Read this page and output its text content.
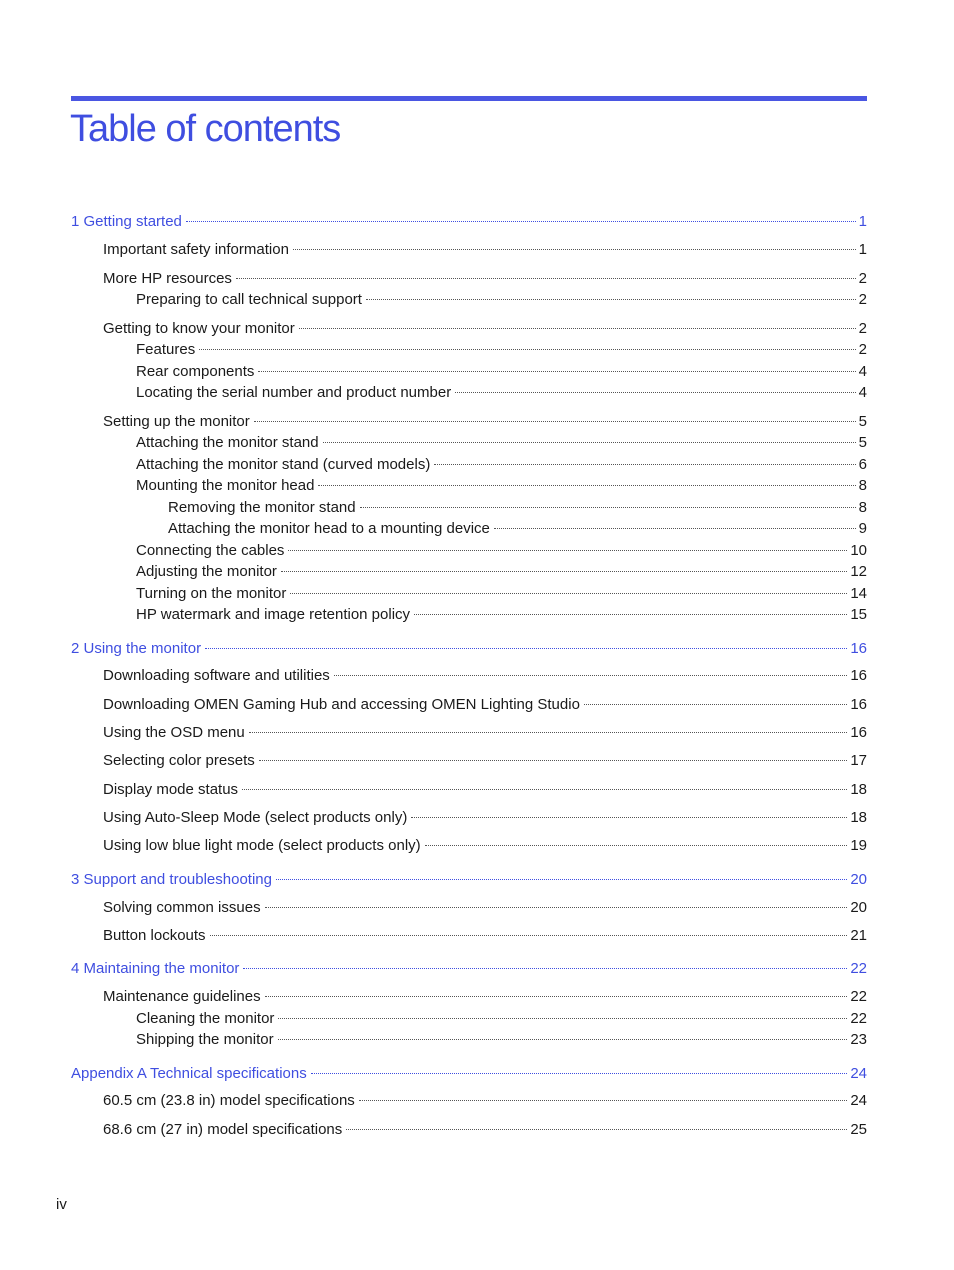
Table of contents
1 Getting started	1
Important safety information	1
More HP resources	2
Preparing to call technical support	2
Getting to know your monitor	2
Features	2
Rear components	4
Locating the serial number and product number	4
Setting up the monitor	5
Attaching the monitor stand	5
Attaching the monitor stand (curved models)	6
Mounting the monitor head	8
Removing the monitor stand	8
Attaching the monitor head to a mounting device	9
Connecting the cables	10
Adjusting the monitor	12
Turning on the monitor	14
HP watermark and image retention policy	15
2 Using the monitor	16
Downloading software and utilities	16
Downloading OMEN Gaming Hub and accessing OMEN Lighting Studio	16
Using the OSD menu	16
Selecting color presets	17
Display mode status	18
Using Auto-Sleep Mode (select products only)	18
Using low blue light mode (select products only)	19
3 Support and troubleshooting	20
Solving common issues	20
Button lockouts	21
4 Maintaining the monitor	22
Maintenance guidelines	22
Cleaning the monitor	22
Shipping the monitor	23
Appendix A Technical specifications	24
60.5 cm (23.8 in) model specifications	24
68.6 cm (27 in) model specifications	25
iv
